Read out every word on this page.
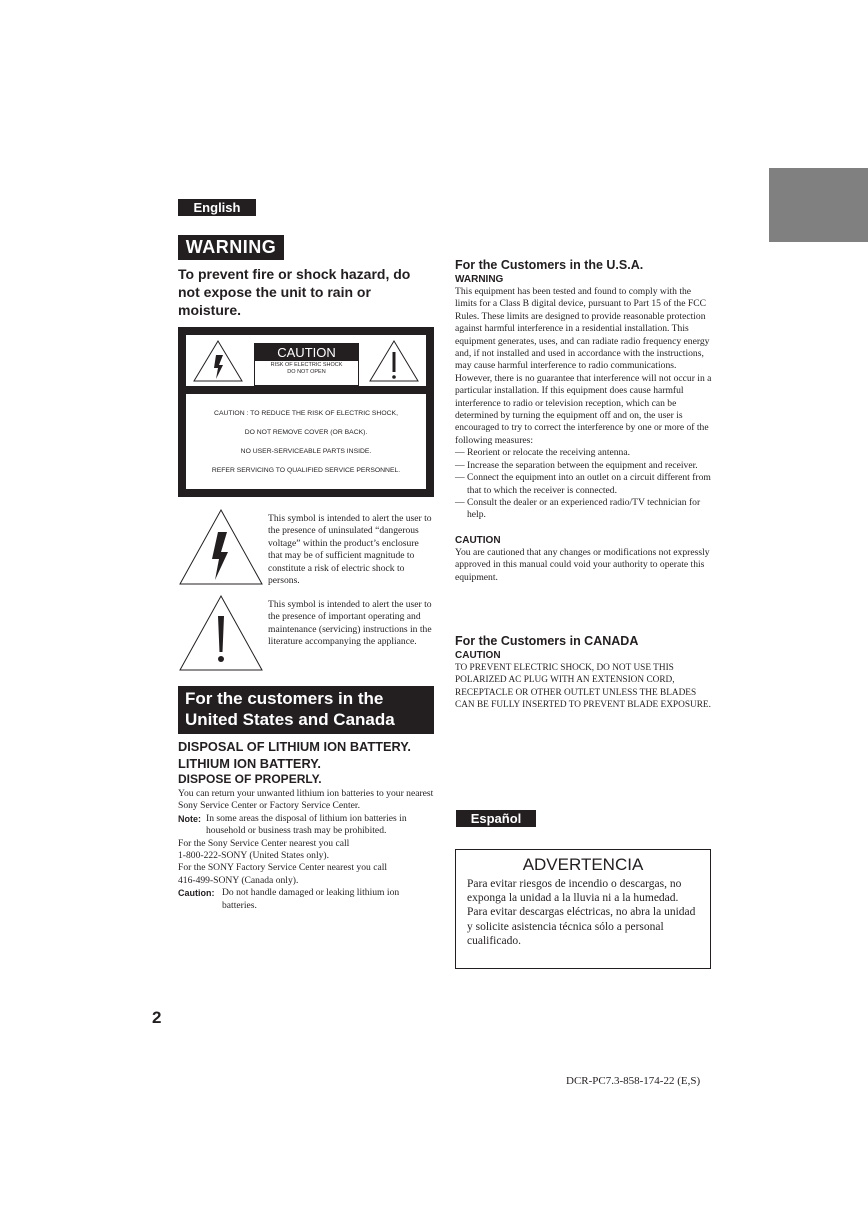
English
WARNING
To prevent fire or shock hazard, do not expose the unit to rain or moisture.
CAUTION
RISK OF ELECTRIC SHOCK
DO NOT OPEN
CAUTION : TO REDUCE THE RISK OF ELECTRIC SHOCK,
DO NOT REMOVE COVER (OR BACK).
NO USER-SERVICEABLE PARTS INSIDE.
REFER SERVICING TO QUALIFIED SERVICE PERSONNEL.
This symbol is intended to alert the user to the presence of uninsulated “dangerous voltage” within the product’s enclosure that may be of sufficient magnitude to constitute a risk of electric shock to persons.
This symbol is intended to alert the user to the presence of important operating and maintenance (servicing) instructions in the literature accompanying the appliance.
For the customers in the
United States and Canada
DISPOSAL OF LITHIUM ION BATTERY.
LITHIUM ION BATTERY.
DISPOSE OF PROPERLY.
You can return your unwanted lithium ion batteries to your nearest Sony Service Center or Factory Service Center.
Note: In some areas the disposal of lithium ion batteries in household or business trash may be prohibited.
For the Sony Service Center nearest you call
1-800-222-SONY (United States only).
For the SONY Factory Service Center nearest you call
416-499-SONY (Canada only).
Caution: Do not handle damaged or leaking lithium ion batteries.
For the Customers in the U.S.A.
WARNING
This equipment has been tested and found to comply with the limits for a Class B digital device, pursuant to Part 15 of the FCC Rules. These limits are designed to provide reasonable protection against harmful interference in a residential installation. This equipment generates, uses, and can radiate radio frequency energy and, if not installed and used in accordance with the instructions, may cause harmful interference to radio communications. However, there is no guarantee that interference will not occur in a particular installation. If this equipment does cause harmful interference to radio or television reception, which can be determined by turning the equipment off and on, the user is encouraged to try to correct the interference by one or more of the following measures:
— Reorient or relocate the receiving antenna.
— Increase the separation between the equipment and receiver.
— Connect the equipment into an outlet on a circuit different from that to which the receiver is connected.
— Consult the dealer or an experienced radio/TV technician for help.
CAUTION
You are cautioned that any changes or modifications not expressly approved in this manual could void your authority to operate this equipment.
For the Customers in CANADA
CAUTION
TO PREVENT ELECTRIC SHOCK, DO NOT USE THIS POLARIZED AC PLUG WITH AN EXTENSION CORD, RECEPTACLE OR OTHER OUTLET UNLESS THE BLADES CAN BE FULLY INSERTED TO PREVENT BLADE EXPOSURE.
Español
ADVERTENCIA
Para evitar riesgos de incendio o descargas, no exponga la unidad a la lluvia ni a la humedad.
Para evitar descargas eléctricas, no abra la unidad y solicite asistencia técnica sólo a personal cualificado.
2
DCR-PC7.3-858-174-22 (E,S)
